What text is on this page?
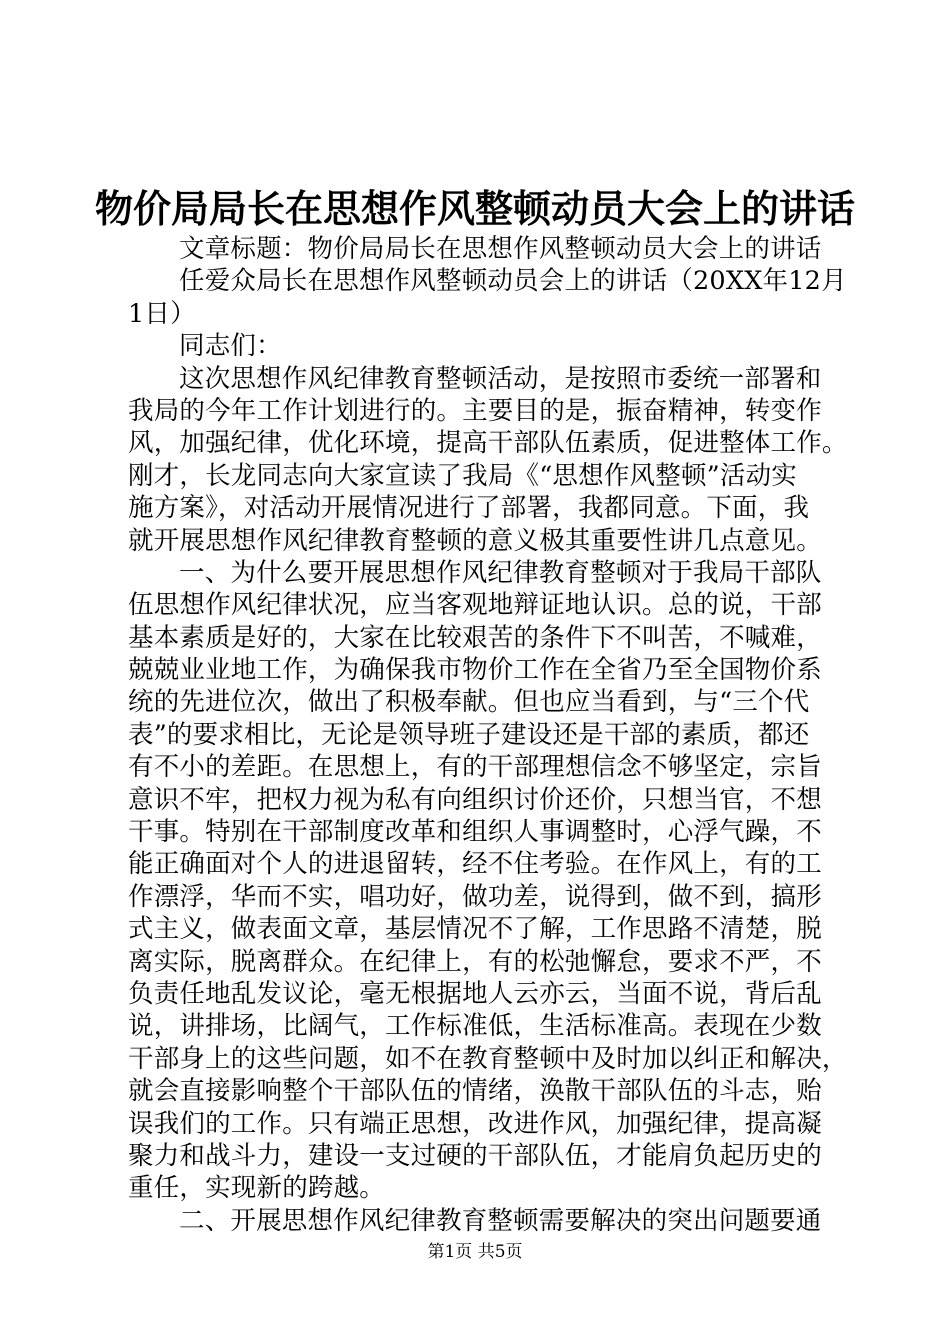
物价局局长在思想作风整顿动员大会上的讲话
文章标题：物价局局长在思想作风整顿动员大会上的讲话
任爱众局长在思想作风整顿动员会上的讲话（20XX年12月
1日）
同志们：
这次思想作风纪律教育整顿活动，是按照市委统一部署和
我局的今年工作计划进行的。主要目的是，振奋精神，转变作
风，加强纪律，优化环境，提高干部队伍素质，促进整体工作。
刚才，长龙同志向大家宣读了我局《“思想作风整顿”活动实
施方案》，对活动开展情况进行了部署，我都同意。下面，我
就开展思想作风纪律教育整顿的意义极其重要性讲几点意见。
一、为什么要开展思想作风纪律教育整顿对于我局干部队
伍思想作风纪律状况，应当客观地辩证地认识。总的说，干部
基本素质是好的，大家在比较艰苦的条件下不叫苦，不喊难，
兢兢业业地工作，为确保我市物价工作在全省乃至全国物价系
统的先进位次，做出了积极奉献。但也应当看到，与“三个代
表”的要求相比，无论是领导班子建设还是干部的素质，都还
有不小的差距。在思想上，有的干部理想信念不够坚定，宗旨
意识不牢，把权力视为私有向组织讨价还价，只想当官，不想
干事。特别在干部制度改革和组织人事调整时，心浮气躁，不
能正确面对个人的进退留转，经不住考验。在作风上，有的工
作漂浮，华而不实，唱功好，做功差，说得到，做不到，搞形
式主义，做表面文章，基层情况不了解，工作思路不清楚，脱
离实际，脱离群众。在纪律上，有的松弛懈怠，要求不严，不
负责任地乱发议论，毫无根据地人云亦云，当面不说，背后乱
说，讲排场，比阔气，工作标准低，生活标准高。表现在少数
干部身上的这些问题，如不在教育整顿中及时加以纠正和解决，
就会直接影响整个干部队伍的情绪，涣散干部队伍的斗志，贻
误我们的工作。只有端正思想，改进作风，加强纪律，提高凝
聚力和战斗力，建设一支过硬的干部队伍，才能肩负起历史的
重任，实现新的跨越。
二、开展思想作风纪律教育整顿需要解决的突出问题要通
第1页 共5页
